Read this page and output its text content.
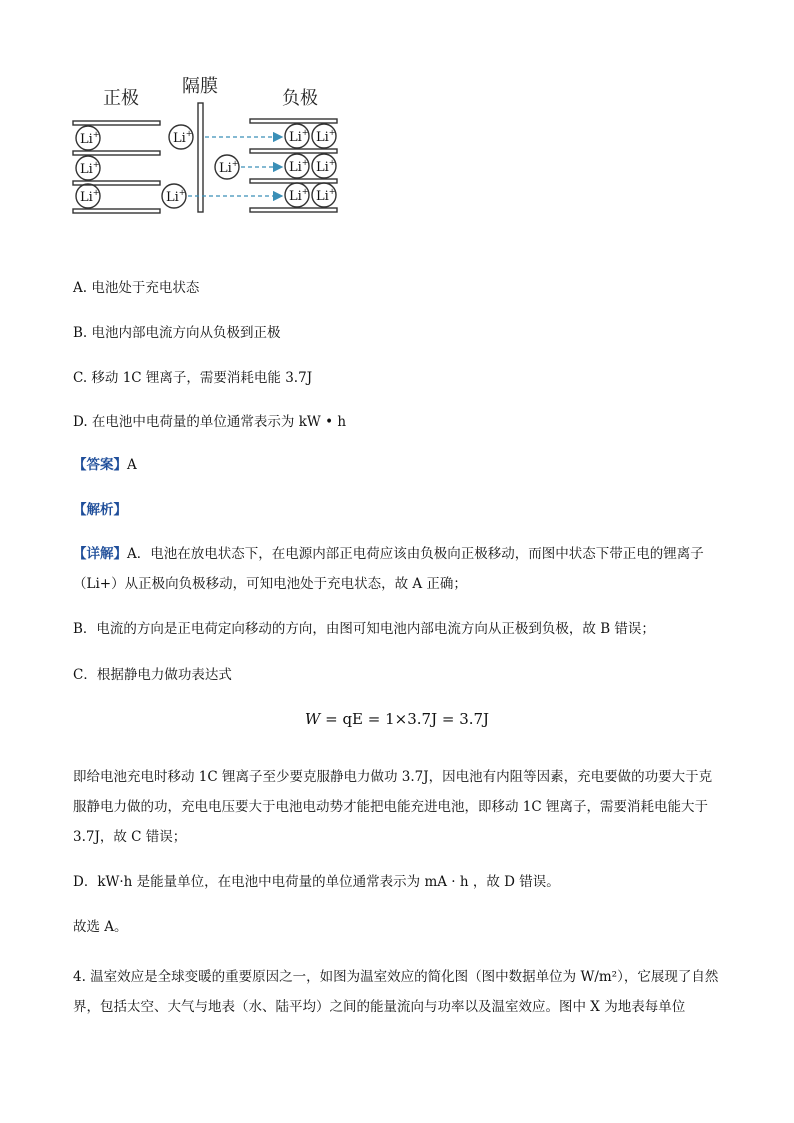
正极
隔膜
负极
Li+
Li+
Li+
Li+
Li+
Li+
Li+ Li+
Li+ Li+
Li+ Li+
A. 电池处于充电状态
B. 电池内部电流方向从负极到正极
C. 移动 1C 锂离子，需要消耗电能 3.7J
D. 在电池中电荷量的单位通常表示为 kW • h
【答案】A
【解析】
【详解】A．电池在放电状态下，在电源内部正电荷应该由负极向正极移动，而图中状态下带正电的锂离子（Li+）从正极向负极移动，可知电池处于充电状态，故 A 正确；
B．电流的方向是正电荷定向移动的方向，由图可知电池内部电流方向从正极到负极，故 B 错误；
C．根据静电力做功表达式
W = qE = 1×3.7J = 3.7J
即给电池充电时移动 1C 锂离子至少要克服静电力做功 3.7J，因电池有内阻等因素，充电要做的功要大于克服静电力做的功，充电电压要大于电池电动势才能把电能充进电池，即移动 1C 锂离子，需要消耗电能大于 3.7J，故 C 错误；
D．kW·h 是能量单位，在电池中电荷量的单位通常表示为 mA · h ，故 D 错误。
故选 A。
4. 温室效应是全球变暖的重要原因之一，如图为温室效应的简化图（图中数据单位为 W/m²），它展现了自然界，包括太空、大气与地表（水、陆平均）之间的能量流向与功率以及温室效应。图中 X 为地表每单位
